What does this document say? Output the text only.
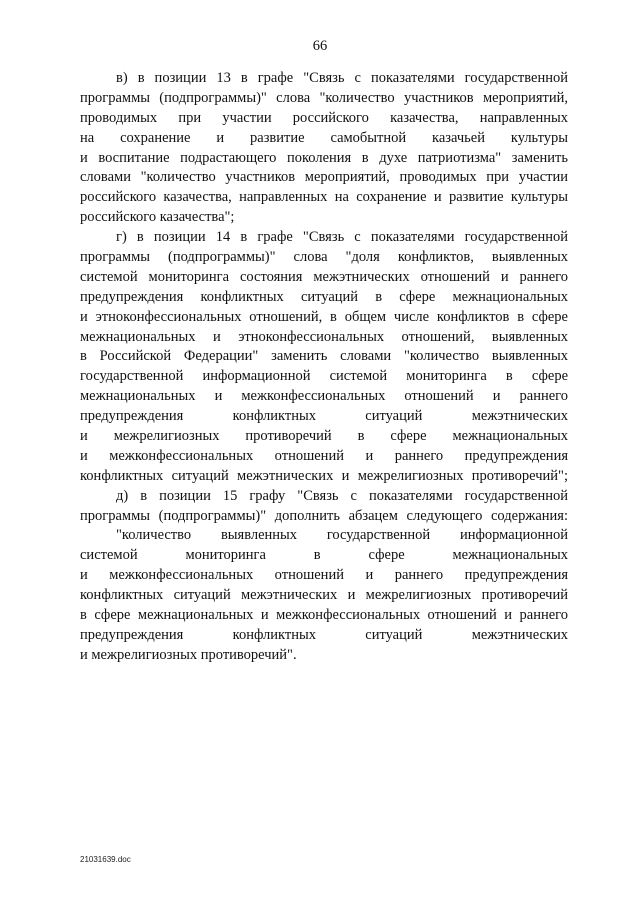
66
в) в позиции 13 в графе "Связь с показателями государственной
программы (подпрограммы)" слова "количество участников мероприятий,
проводимых при участии российского казачества, направленных
на сохранение и развитие самобытной казачьей культуры
и воспитание подрастающего поколения в духе патриотизма" заменить
словами "количество участников мероприятий, проводимых при участии
российского казачества, направленных на сохранение и развитие культуры
российского казачества";
г) в позиции 14 в графе "Связь с показателями государственной
программы (подпрограммы)" слова "доля конфликтов, выявленных
системой мониторинга состояния межэтнических отношений и раннего
предупреждения конфликтных ситуаций в сфере межнациональных
и этноконфессиональных отношений, в общем числе конфликтов в сфере
межнациональных и этноконфессиональных отношений, выявленных
в Российской Федерации" заменить словами "количество выявленных
государственной информационной системой мониторинга в сфере
межнациональных и межконфессиональных отношений и раннего
предупреждения конфликтных ситуаций межэтнических
и межрелигиозных противоречий в сфере межнациональных
и межконфессиональных отношений и раннего предупреждения
конфликтных ситуаций межэтнических и межрелигиозных противоречий";
д) в позиции 15 графу "Связь с показателями государственной
программы (подпрограммы)" дополнить абзацем следующего содержания:
"количество выявленных государственной информационной
системой мониторинга в сфере межнациональных
и межконфессиональных отношений и раннего предупреждения
конфликтных ситуаций межэтнических и межрелигиозных противоречий
в сфере межнациональных и межконфессиональных отношений и раннего
предупреждения конфликтных ситуаций межэтнических
и межрелигиозных противоречий".
21031639.doc
